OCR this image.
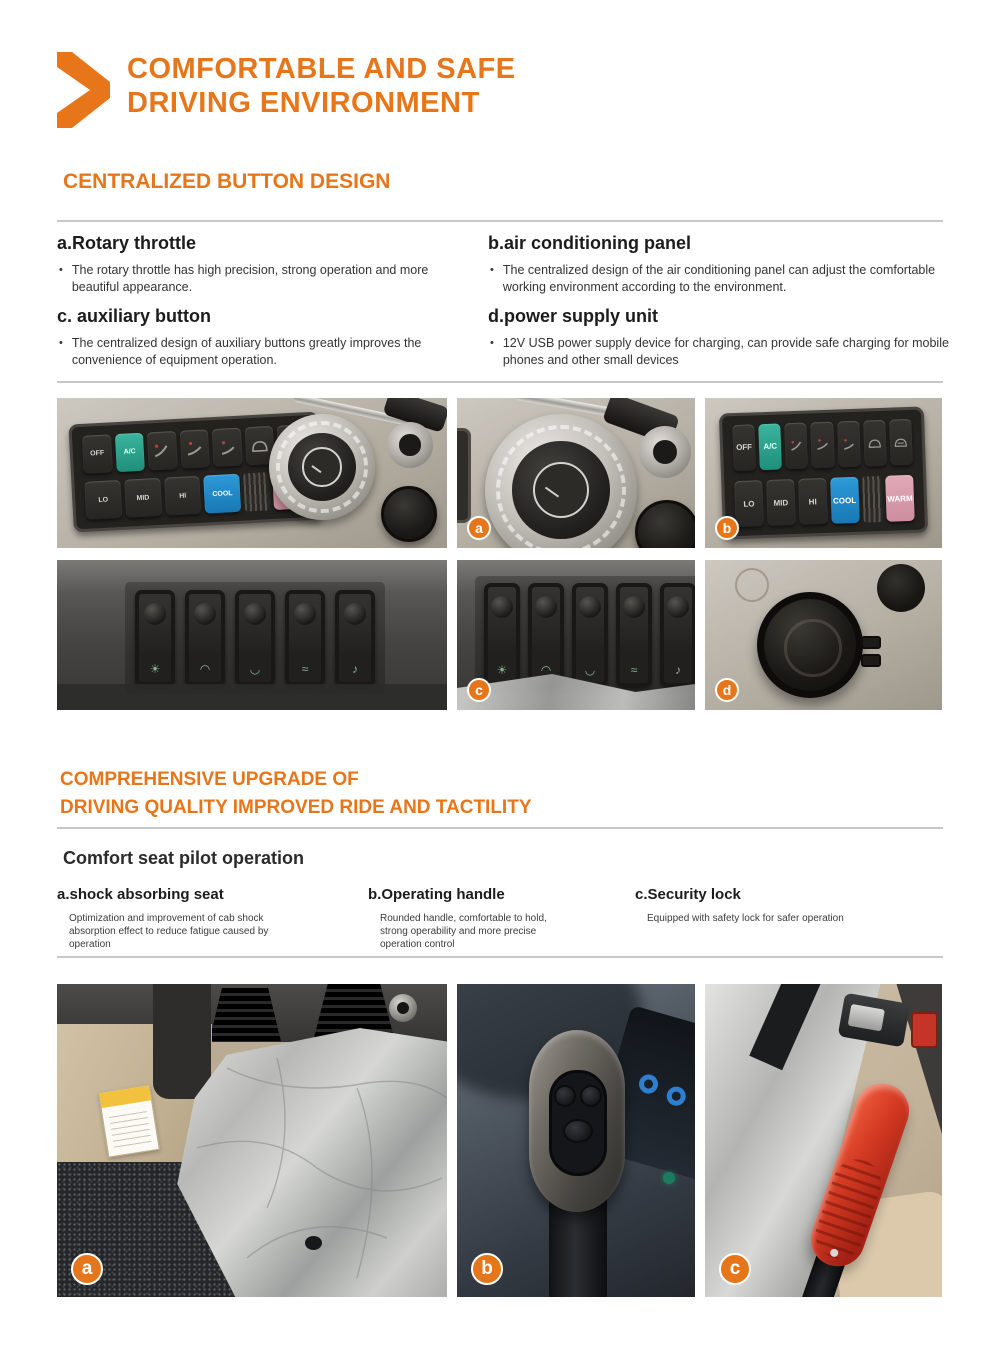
COMFORTABLE AND SAFE
DRIVING ENVIRONMENT
CENTRALIZED BUTTON DESIGN
a.Rotary throttle
• The rotary throttle has high precision, strong operation and more beautiful appearance.
b.air conditioning panel
• The centralized design of the air conditioning panel can adjust the comfortable working environment according to the environment.
c. auxiliary button
• The centralized design of auxiliary buttons greatly improves the convenience of equipment operation.
d.power supply unit
• 12V USB power supply device for charging, can provide safe charging for mobile phones and other small devices
OFF	A/C
LO	MID	HI	COOL
a
OFF	A/C
LO	MID	HI	COOL	WARM
b
☀	◠	◡	≈	♪	☀	◠	◡	≈	♪
c	d
COMPREHENSIVE UPGRADE OF
DRIVING QUALITY IMPROVED RIDE AND TACTILITY
Comfort seat pilot operation
a.shock absorbing seat

Optimization and improvement of cab shock absorption effect to reduce fatigue caused by operation

b.Operating handle

Rounded handle, comfortable to hold, strong operability and more precise operation control

c.Security lock

Equipped with safety lock for safer operation

a	b	c
